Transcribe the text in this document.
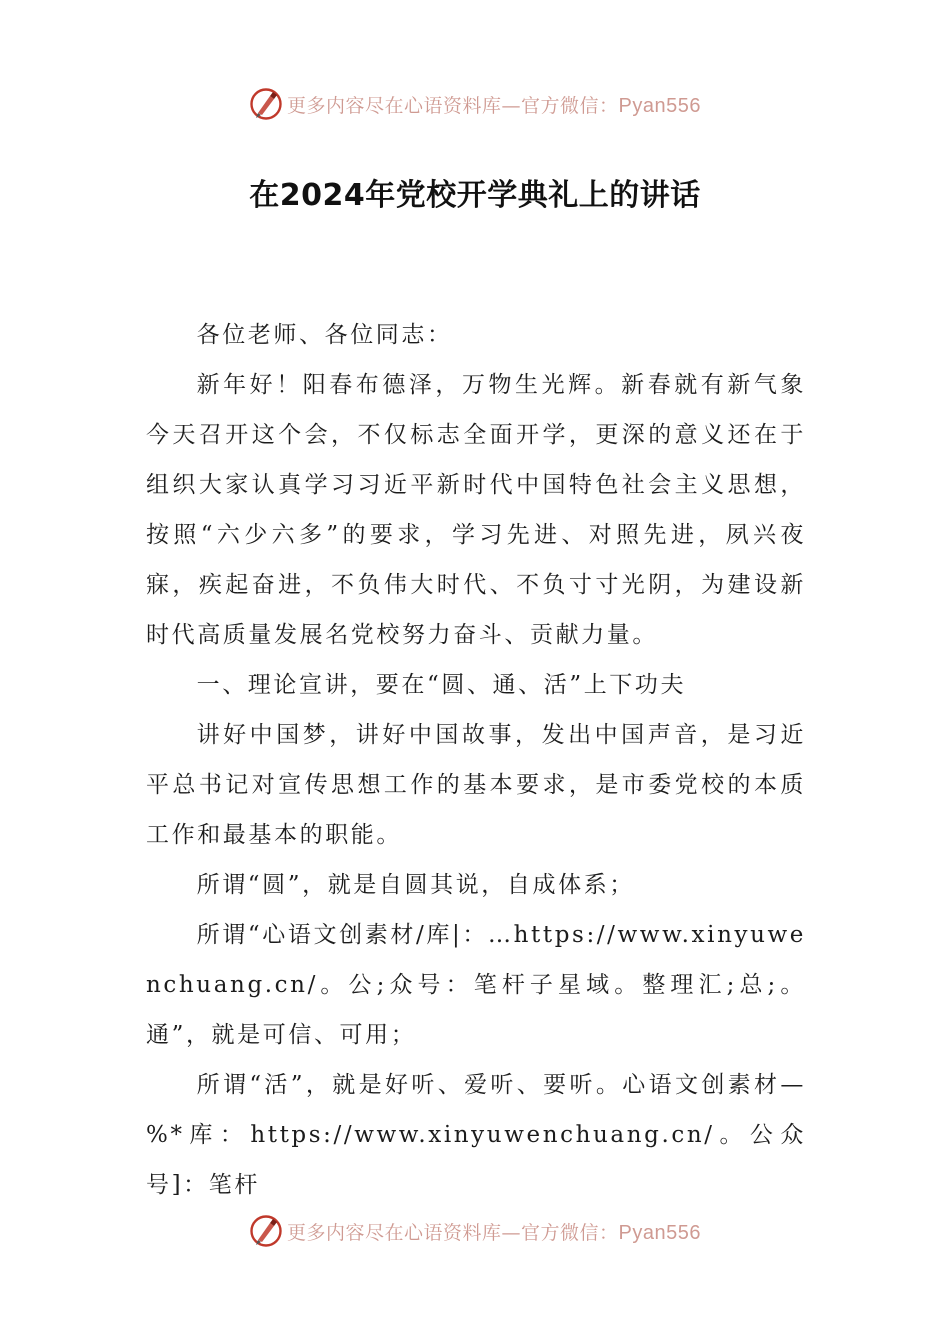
更多内容尽在心语资料库—官方微信：Pyan556
在2024年党校开学典礼上的讲话

各位老师、各位同志：

新年好！阳春布德泽，万物生光辉。新春就有新气象今天召开这个会，不仅标志全面开学，更深的意义还在于组织大家认真学习习近平新时代中国特色社会主义思想，按照“六少六多”的要求，学习先进、对照先进，夙兴夜寐，疾起奋进，不负伟大时代、不负寸寸光阴，为建设新时代高质量发展名党校努力奋斗、贡献力量。

一、理论宣讲，要在“圆、通、活”上下功夫

讲好中国梦，讲好中国故事，发出中国声音，是习近平总书记对宣传思想工作的基本要求，是市委党校的本质工作和最基本的职能。

所谓“圆”，就是自圆其说，自成体系；

所谓“心语文创素材/库|：…https://www.xinyuwenchuang.cn/。公;众号：笔杆子星域。整理汇;总;。通”，就是可信、可用；

所谓“活”，就是好听、爱听、要听。心语文创素材—%*库：https://www.xinyuwenchuang.cn/。公众号]：笔杆

更多内容尽在心语资料库—官方微信：Pyan556
